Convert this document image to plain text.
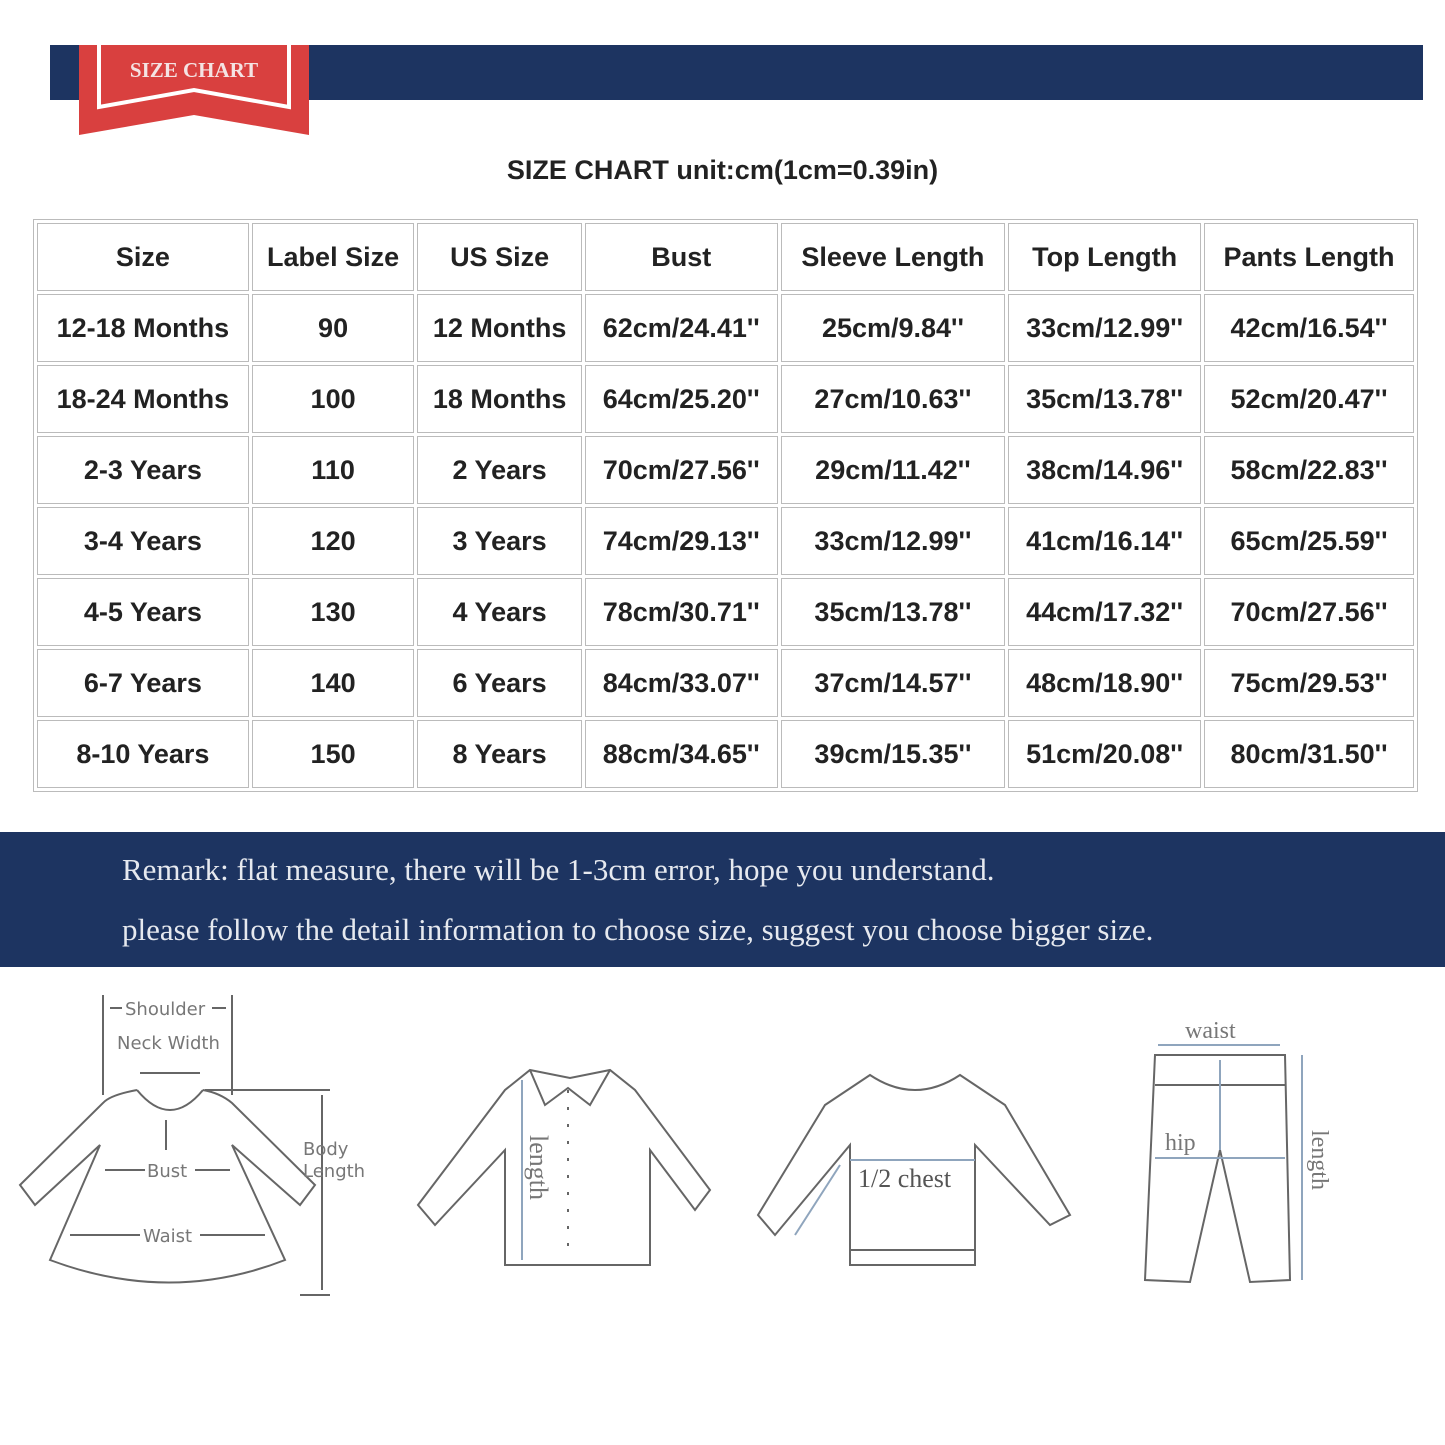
SIZE CHART
SIZE CHART unit:cm(1cm=0.39in)
Size	Label Size	US Size	Bust	Sleeve Length	Top Length	Pants Length
12-18 Months	90	12 Months	62cm/24.41''	25cm/9.84''	33cm/12.99''	42cm/16.54''
18-24 Months	100	18 Months	64cm/25.20''	27cm/10.63''	35cm/13.78''	52cm/20.47''
2-3 Years	110	2 Years	70cm/27.56''	29cm/11.42''	38cm/14.96''	58cm/22.83''
3-4 Years	120	3 Years	74cm/29.13''	33cm/12.99''	41cm/16.14''	65cm/25.59''
4-5 Years	130	4 Years	78cm/30.71''	35cm/13.78''	44cm/17.32''	70cm/27.56''
6-7 Years	140	6 Years	84cm/33.07''	37cm/14.57''	48cm/18.90''	75cm/29.53''
8-10 Years	150	8 Years	88cm/34.65''	39cm/15.35''	51cm/20.08''	80cm/31.50''
Remark: flat measure, there will be 1-3cm error, hope you understand.
please follow the detail information to choose size, suggest you choose bigger size.
Shoulder
Neck Width
Bust
Waist
Body
Length	length	1/2 chest
waist
hip	length
